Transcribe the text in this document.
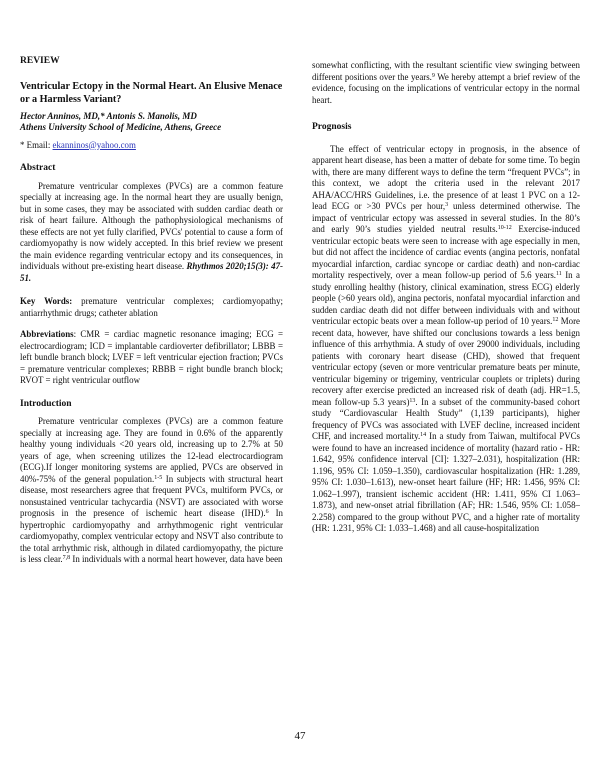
REVIEW
Ventricular Ectopy in the Normal Heart. An Elusive Menace or a Harmless Variant?
Hector Anninos, MD,* Antonis S. Manolis, MD
Athens University School of Medicine, Athens, Greece
* Email: ekanninos@yahoo.com
Abstract

Premature ventricular complexes (PVCs) are a common feature specially at increasing age. In the normal heart they are usually benign, but in some cases, they may be associated with sudden cardiac death or risk of heart failure. Although the pathophysiological mechanisms of these effects are not yet fully clarified, PVCs' potential to cause a form of cardiomyopathy is now widely accepted. In this brief review we present the main evidence regarding ventricular ectopy and its consequences, in individuals without pre-existing heart disease. Rhythmos 2020;15(3): 47-51.

Key Words: premature ventricular complexes; cardiomyopathy; antiarrhythmic drugs; catheter ablation

Abbreviations: CMR = cardiac magnetic resonance imaging; ECG = electrocardiogram; ICD = implantable cardioverter defibrillator; LBBB = left bundle branch block; LVEF = left ventricular ejection fraction; PVCs = premature ventricular complexes; RBBB = right bundle branch block; RVOT = right ventricular outflow

Introduction

Premature ventricular complexes (PVCs) are a common feature specially at increasing age. They are found in 0.6% of the apparently healthy young individuals <20 years old, increasing up to 2.7% at 50 years of age, when screening utilizes the 12-lead electrocardiogram (ECG).If longer monitoring systems are applied, PVCs are observed in 40%-75% of the general population.$^{1-5}$ In subjects with structural heart disease, most researchers agree that frequent PVCs, multiform PVCs, or nonsustained ventricular tachycardia (NSVT) are associated with worse prognosis in the presence of ischemic heart disease (IHD).$^6$ In hypertrophic cardiomyopathy and arrhythmogenic right ventricular cardiomyopathy, complex ventricular ectopy and NSVT also contribute to the total arrhythmic risk, although in dilated cardiomyopathy, the picture is less clear.$^{7,8}$ In individuals with a normal heart however, data have been

somewhat conflicting, with the resultant scientific view swinging between different positions over the years.$^9$ We hereby attempt a brief review of the evidence, focusing on the implications of ventricular ectopy in the normal heart.

Prognosis

The effect of ventricular ectopy in prognosis, in the absence of apparent heart disease, has been a matter of debate for some time. To begin with, there are many different ways to define the term “frequent PVCs”; in this context, we adopt the criteria used in the relevant 2017 AHA/ACC/HRS Guidelines, i.e. the presence of at least 1 PVC on a 12-lead ECG or >30 PVCs per hour,$^3$ unless determined otherwise. The impact of ventricular ectopy was assessed in several studies. In the 80’s and early 90’s studies yielded neutral results.$^{10-12}$ Exercise-induced ventricular ectopic beats were seen to increase with age especially in men, but did not affect the incidence of cardiac events (angina pectoris, nonfatal myocardial infarction, cardiac syncope or cardiac death) and non-cardiac mortality respectively, over a mean follow-up period of 5.6 years.$^{11}$ In a study enrolling healthy (history, clinical examination, stress ECG) elderly people (>60 years old), angina pectoris, nonfatal myocardial infarction and sudden cardiac death did not differ between individuals with and without ventricular ectopic beats over a mean follow-up period of 10 years.$^{12}$ More recent data, however, have shifted our conclusions towards a less benign influence of this arrhythmia. A study of over 29000 individuals, including patients with coronary heart disease (CHD), showed that frequent ventricular ectopy (seven or more ventricular premature beats per minute, ventricular bigeminy or trigeminy, ventricular couplets or triplets) during recovery after exercise predicted an increased risk of death (adj. HR=1.5, mean follow-up 5.3 years)$^{13}$. In a subset of the community-based cohort study “Cardiovascular Health Study” (1,139 participants), higher frequency of PVCs was associated with LVEF decline, increased incident CHF, and increased mortality.$^{14}$ In a study from Taiwan, multifocal PVCs were found to have an increased incidence of mortality (hazard ratio - HR: 1.642, 95% confidence interval [CI]: 1.327–2.031), hospitalization (HR: 1.196, 95% CI: 1.059–1.350), cardiovascular hospitalization (HR: 1.289, 95% CI: 1.030–1.613), new-onset heart failure (HF; HR: 1.456, 95% CI: 1.062–1.997), transient ischemic accident (HR: 1.411, 95% CI 1.063–1.873), and new-onset atrial fibrillation (AF; HR: 1.546, 95% CI: 1.058–2.258) compared to the group without PVC, and a higher rate of mortality (HR: 1.231, 95% CI: 1.033–1.468) and all cause-hospitalization

47
